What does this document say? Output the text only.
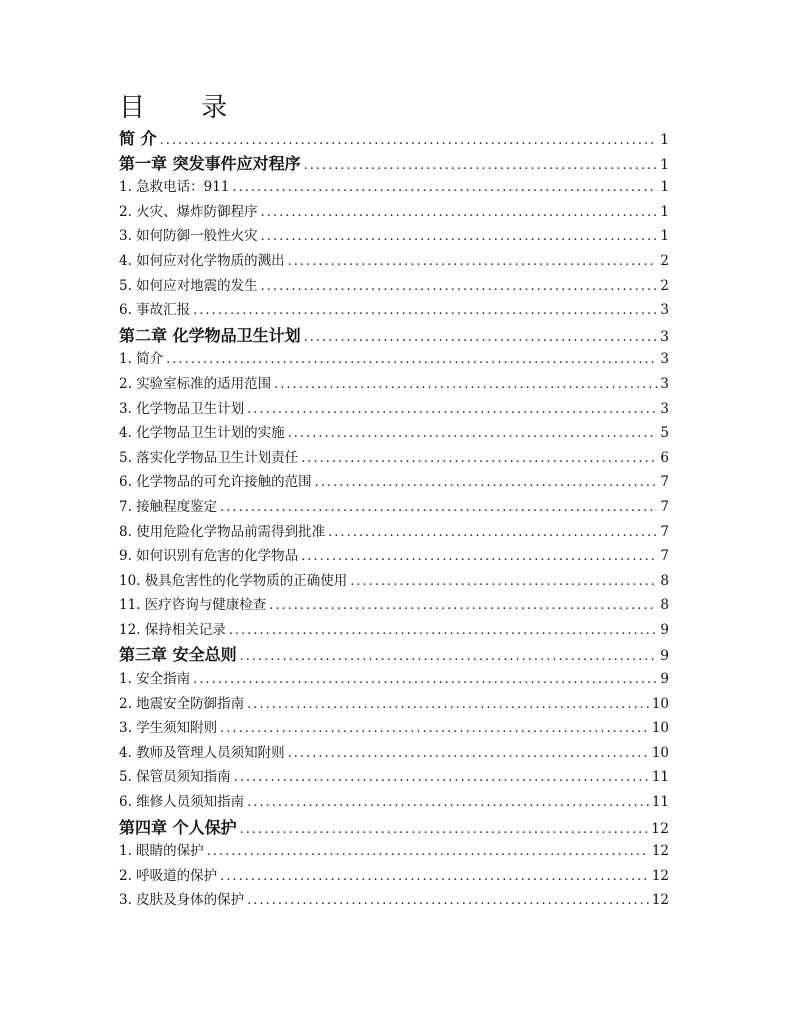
目 录
简 介 .....	1
第一章 突发事件应对程序 .....	1
1. 急救电话：911 .....	1
2. 火灾、爆炸防御程序 .....	1
3. 如何防御一般性火灾 .....	1
4. 如何应对化学物质的溅出 .....	2
5. 如何应对地震的发生 .....	2
6. 事故汇报 .....	3
第二章 化学物品卫生计划 .....	3
1. 简介 .....	3
2. 实验室标准的适用范围 .....	3
3. 化学物品卫生计划 .....	3
4. 化学物品卫生计划的实施 .....	5
5. 落实化学物品卫生计划责任 .....	6
6. 化学物品的可允许接触的范围 .....	7
7. 接触程度鉴定 .....	7
8. 使用危险化学物品前需得到批准 .....	7
9. 如何识别有危害的化学物品 .....	7
10. 极具危害性的化学物质的正确使用 .....	8
11. 医疗咨询与健康检查 .....	8
12. 保持相关记录 .....	9
第三章 安全总则 .....	9
1. 安全指南 .....	9
2. 地震安全防御指南 .....	10
3. 学生须知附则 .....	10
4. 教师及管理人员须知附则 .....	10
5. 保管员须知指南 .....	11
6. 维修人员须知指南 .....	11
第四章 个人保护 .....	12
1. 眼睛的保护 .....	12
2. 呼吸道的保护 .....	12
3. 皮肤及身体的保护 .....	12
